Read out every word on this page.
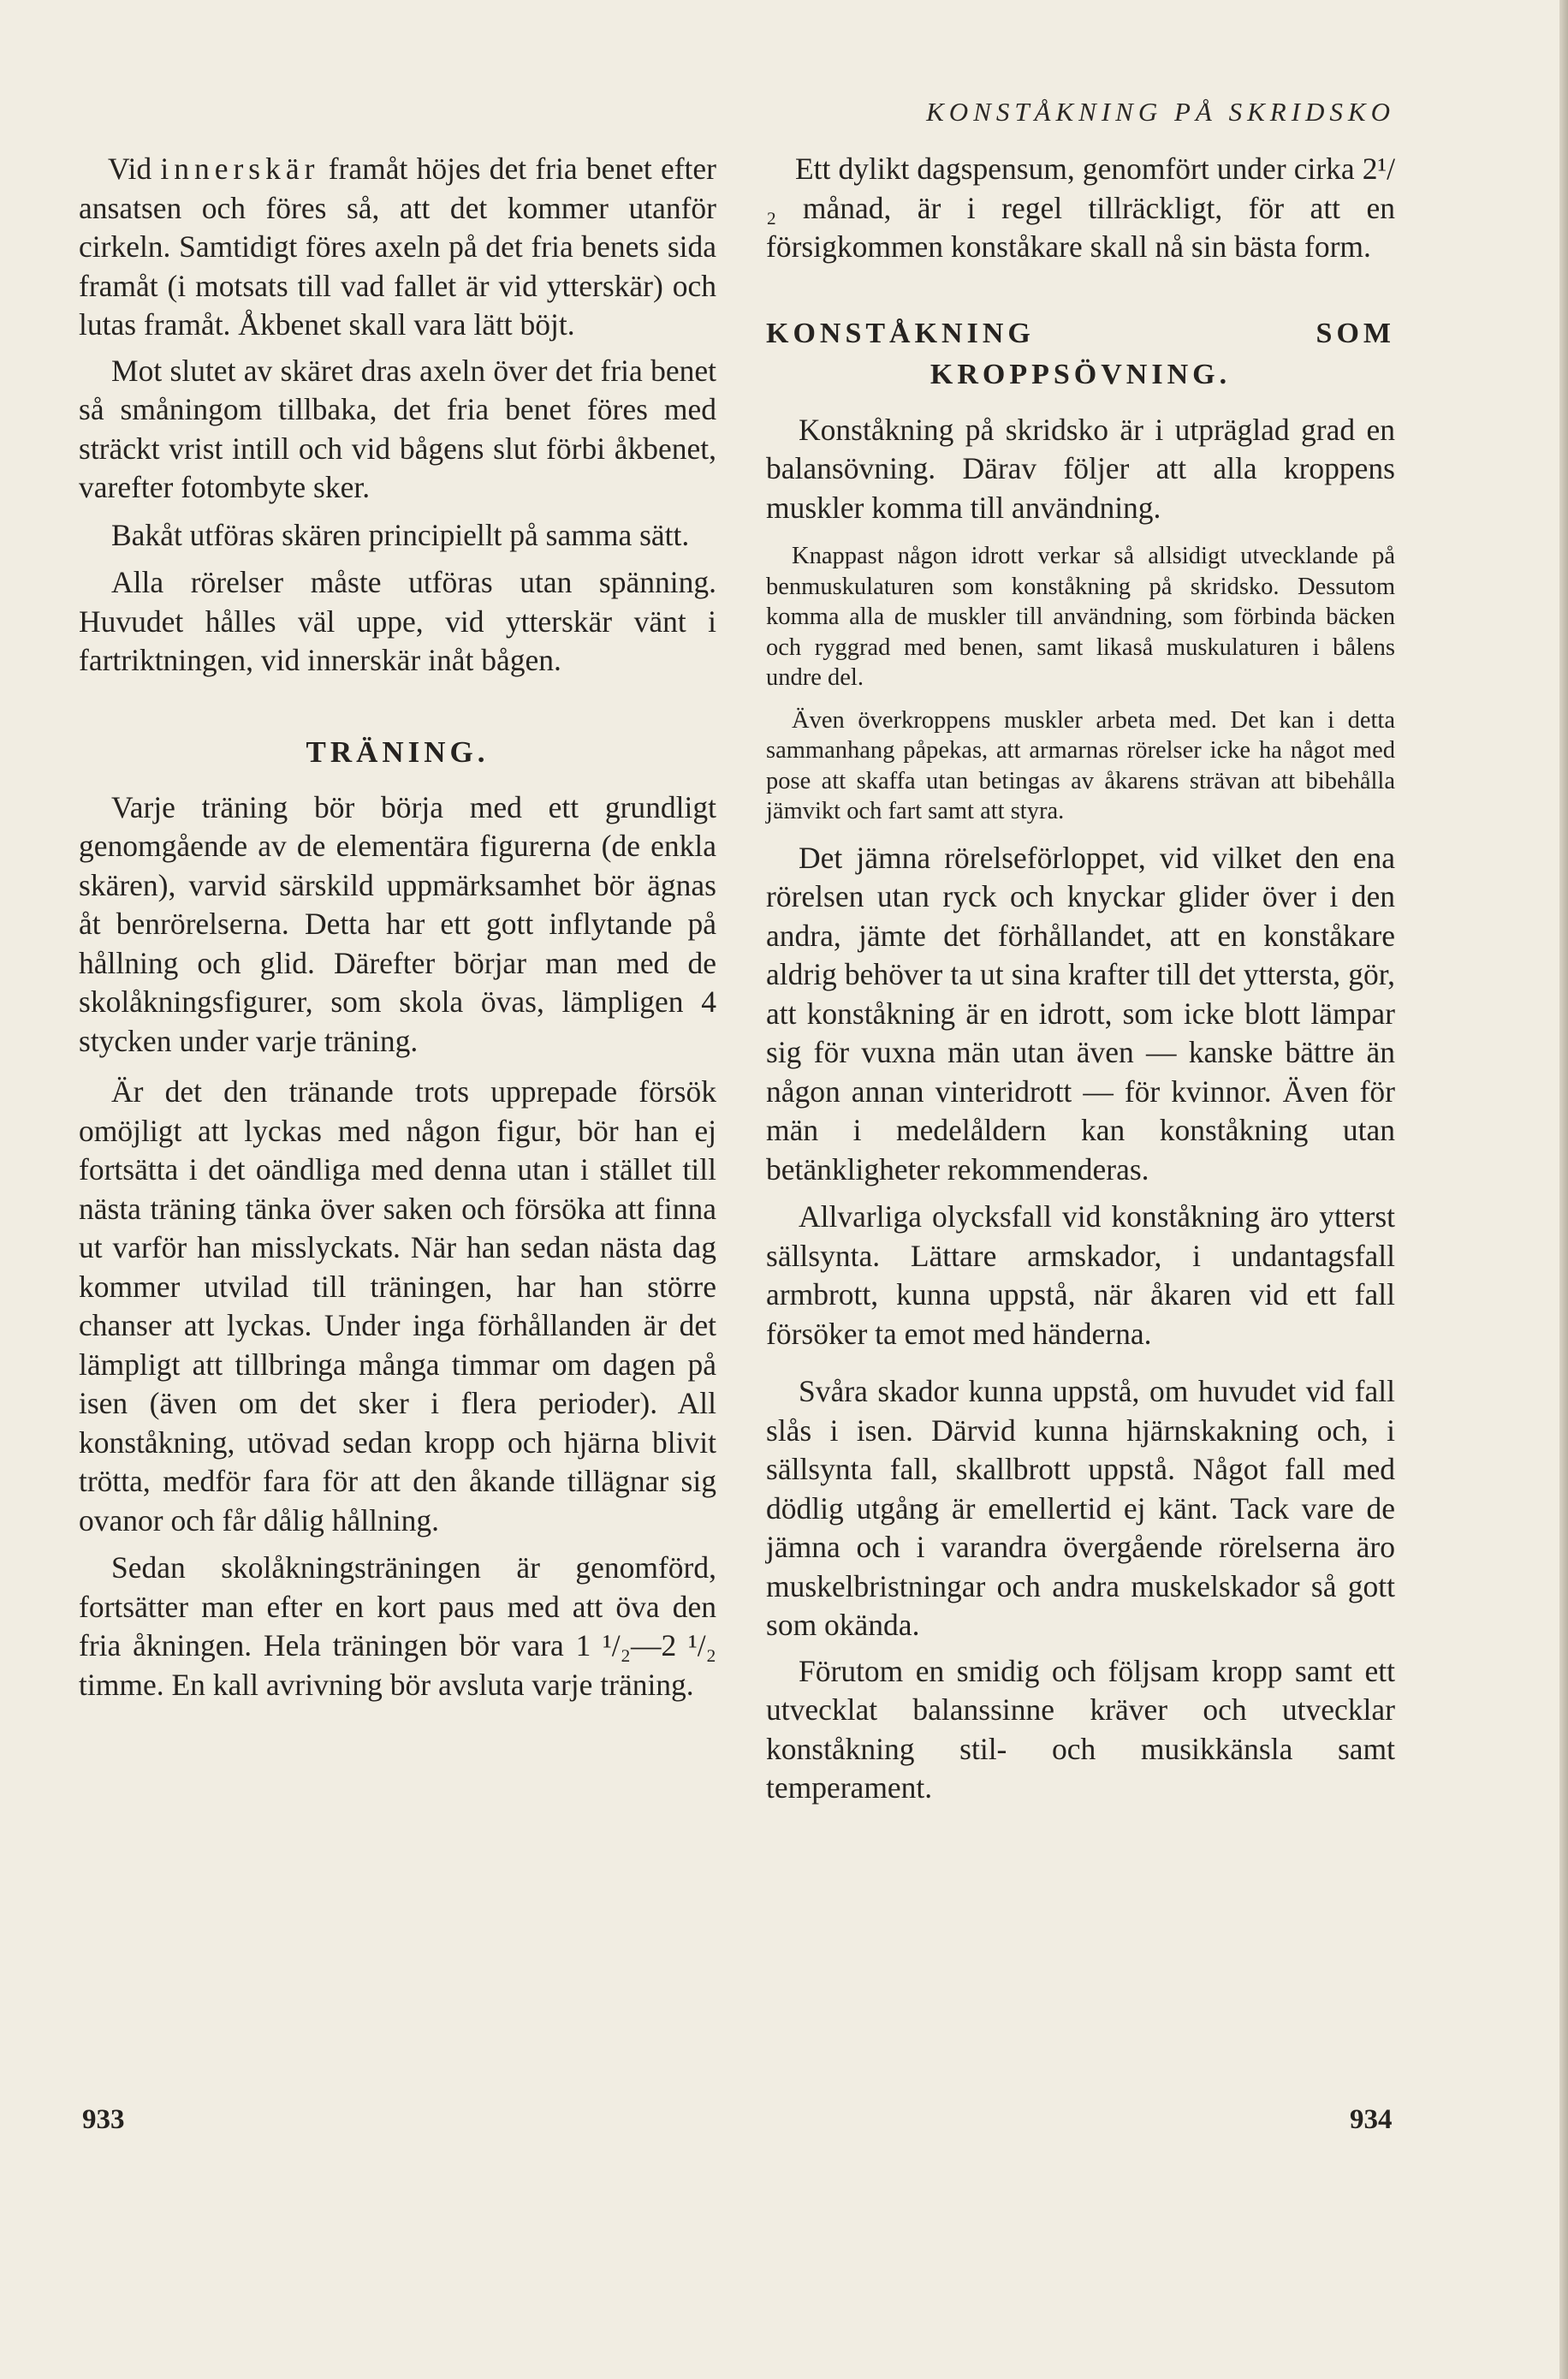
KONSTÅKNING PÅ SKRIDSKO

Vid innerskär framåt höjes det fria benet efter ansatsen och föres så, att det kommer utanför cirkeln. Samtidigt föres axeln på det fria benets sida framåt (i motsats till vad fallet är vid ytterskär) och lutas framåt. Åkbenet skall vara lätt böjt.

Mot slutet av skäret dras axeln över det fria benet så småningom tillbaka, det fria benet föres med sträckt vrist intill och vid bågens slut förbi åkbenet, varefter fotombyte sker.

Bakåt utföras skären principiellt på samma sätt.

Alla rörelser måste utföras utan spänning. Huvudet hålles väl uppe, vid ytterskär vänt i fartriktningen, vid innerskär inåt bågen.

TRÄNING.

Varje träning bör börja med ett grundligt genomgående av de elementära figurerna (de enkla skären), varvid särskild uppmärksamhet bör ägnas åt benrörelserna. Detta har ett gott inflytande på hållning och glid. Därefter börjar man med de skolåkningsfigurer, som skola övas, lämpligen 4 stycken under varje träning.

Är det den tränande trots upprepade försök omöjligt att lyckas med någon figur, bör han ej fortsätta i det oändliga med denna utan i stället till nästa träning tänka över saken och försöka att finna ut varför han misslyckats. När han sedan nästa dag kommer utvilad till träningen, har han större chanser att lyckas. Under inga förhållanden är det lämpligt att tillbringa många timmar om dagen på isen (även om det sker i flera perioder). All konståkning, utövad sedan kropp och hjärna blivit trötta, medför fara för att den åkande tillägnar sig ovanor och får dålig hållning.

Sedan skolåkningsträningen är genomförd, fortsätter man efter en kort paus med att öva den fria åkningen. Hela träningen bör vara 1 ¹/₂—2 ¹/₂ timme. En kall avrivning bör avsluta varje träning.

Ett dylikt dagspensum, genomfört under cirka 2¹/₂ månad, är i regel tillräckligt, för att en försigkommen konståkare skall nå sin bästa form.

KONSTÅKNING SOM KROPPSÖVNING.

Konståkning på skridsko är i utpräglad grad en balansövning. Därav följer att alla kroppens muskler komma till användning.

Knappast någon idrott verkar så allsidigt utvecklande på benmuskulaturen som konståkning på skridsko. Dessutom komma alla de muskler till användning, som förbinda bäcken och ryggrad med benen, samt likaså muskulaturen i bålens undre del.

Även överkroppens muskler arbeta med. Det kan i detta sammanhang påpekas, att armarnas rörelser icke ha något med pose att skaffa utan betingas av åkarens strävan att bibehålla jämvikt och fart samt att styra.

Det jämna rörelseförloppet, vid vilket den ena rörelsen utan ryck och knyckar glider över i den andra, jämte det förhållandet, att en konståkare aldrig behöver ta ut sina krafter till det yttersta, gör, att konståkning är en idrott, som icke blott lämpar sig för vuxna män utan även — kanske bättre än någon annan vinteridrott — för kvinnor. Även för män i medelåldern kan konståkning utan betänkligheter rekommenderas.

Allvarliga olycksfall vid konståkning äro ytterst sällsynta. Lättare armskador, i undantagsfall armbrott, kunna uppstå, när åkaren vid ett fall försöker ta emot med händerna.

Svåra skador kunna uppstå, om huvudet vid fall slås i isen. Därvid kunna hjärnskakning och, i sällsynta fall, skallbrott uppstå. Något fall med dödlig utgång är emellertid ej känt. Tack vare de jämna och i varandra övergående rörelserna äro muskelbristningar och andra muskelskador så gott som okända.

Förutom en smidig och följsam kropp samt ett utvecklat balanssinne kräver och utvecklar konståkning stil- och musikkänsla samt temperament.

933	934
